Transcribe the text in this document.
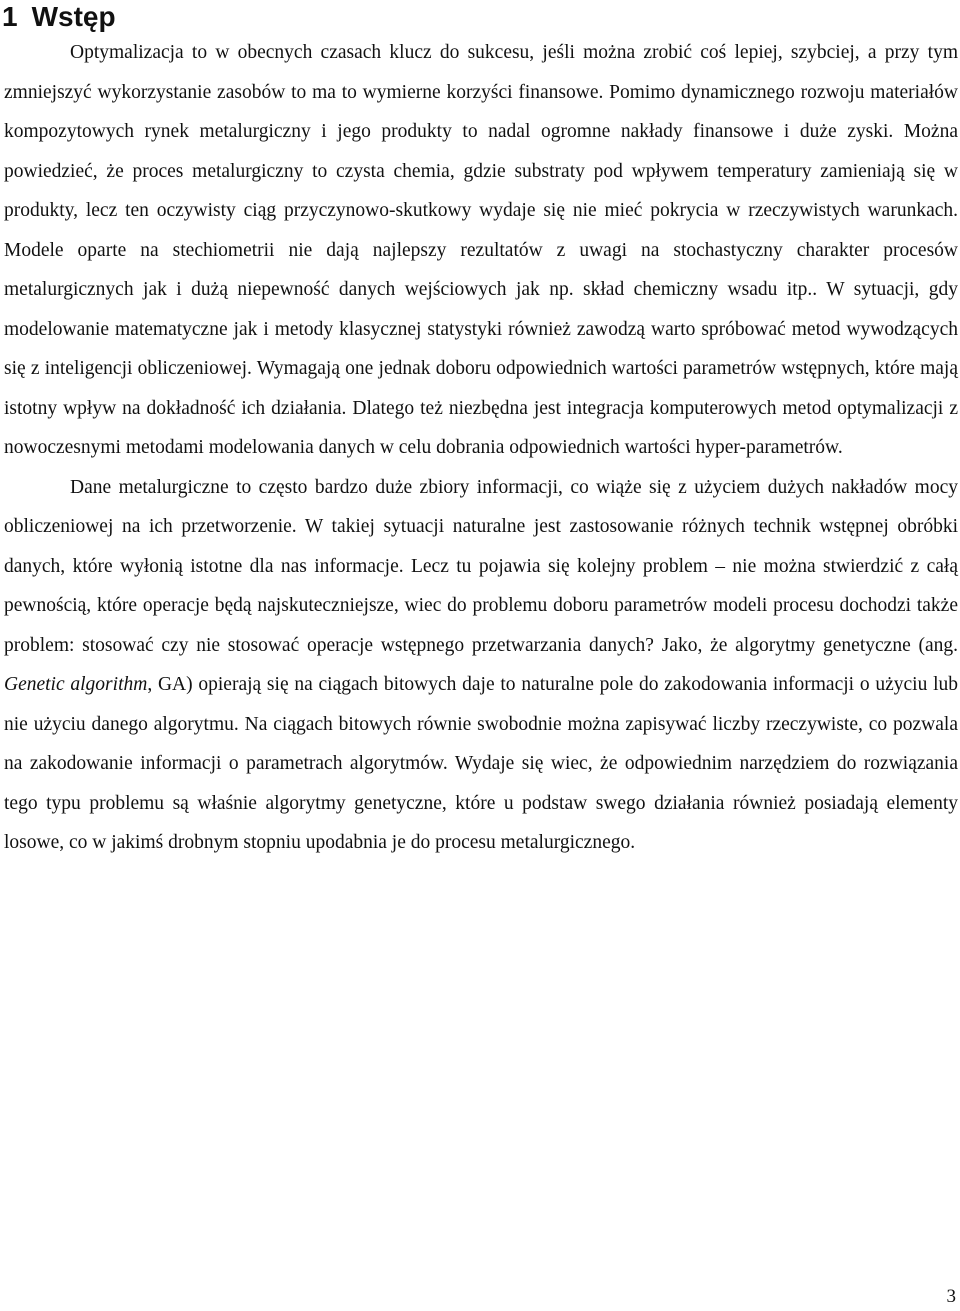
1 Wstęp

Optymalizacja to w obecnych czasach klucz do sukcesu, jeśli można zrobić coś lepiej, szybciej, a przy tym zmniejszyć wykorzystanie zasobów to ma to wymierne korzyści finansowe. Pomimo dynamicznego rozwoju materiałów kompozytowych rynek metalurgiczny i jego produkty to nadal ogromne nakłady finansowe i duże zyski. Można powiedzieć, że proces metalurgiczny to czysta chemia, gdzie substraty pod wpływem temperatury zamieniają się w produkty, lecz ten oczywisty ciąg przyczynowo-skutkowy wydaje się nie mieć pokrycia w rzeczywistych warunkach. Modele oparte na stechiometrii nie dają najlepszy rezultatów z uwagi na stochastyczny charakter procesów metalurgicznych jak i dużą niepewność danych wejściowych jak np. skład chemiczny wsadu itp.. W sytuacji, gdy modelowanie matematyczne jak i metody klasycznej statystyki również zawodzą warto spróbować metod wywodzących się z inteligencji obliczeniowej. Wymagają one jednak doboru odpowiednich wartości parametrów wstępnych, które mają istotny wpływ na dokładność ich działania. Dlatego też niezbędna jest integracja komputerowych metod optymalizacji z nowoczesnymi metodami modelowania danych w celu dobrania odpowiednich wartości hyper-parametrów.

Dane metalurgiczne to często bardzo duże zbiory informacji, co wiąże się z użyciem dużych nakładów mocy obliczeniowej na ich przetworzenie. W takiej sytuacji naturalne jest zastosowanie różnych technik wstępnej obróbki danych, które wyłonią istotne dla nas informacje. Lecz tu pojawia się kolejny problem – nie można stwierdzić z całą pewnością, które operacje będą najskuteczniejsze, wiec do problemu doboru parametrów modeli procesu dochodzi także problem: stosować czy nie stosować operacje wstępnego przetwarzania danych? Jako, że algorytmy genetyczne (ang. Genetic algorithm, GA) opierają się na ciągach bitowych daje to naturalne pole do zakodowania informacji o użyciu lub nie użyciu danego algorytmu. Na ciągach bitowych równie swobodnie można zapisywać liczby rzeczywiste, co pozwala na zakodowanie informacji o parametrach algorytmów. Wydaje się wiec, że odpowiednim narzędziem do rozwiązania tego typu problemu są właśnie algorytmy genetyczne, które u podstaw swego działania również posiadają elementy losowe, co w jakimś drobnym stopniu upodabnia je do procesu metalurgicznego.

3
